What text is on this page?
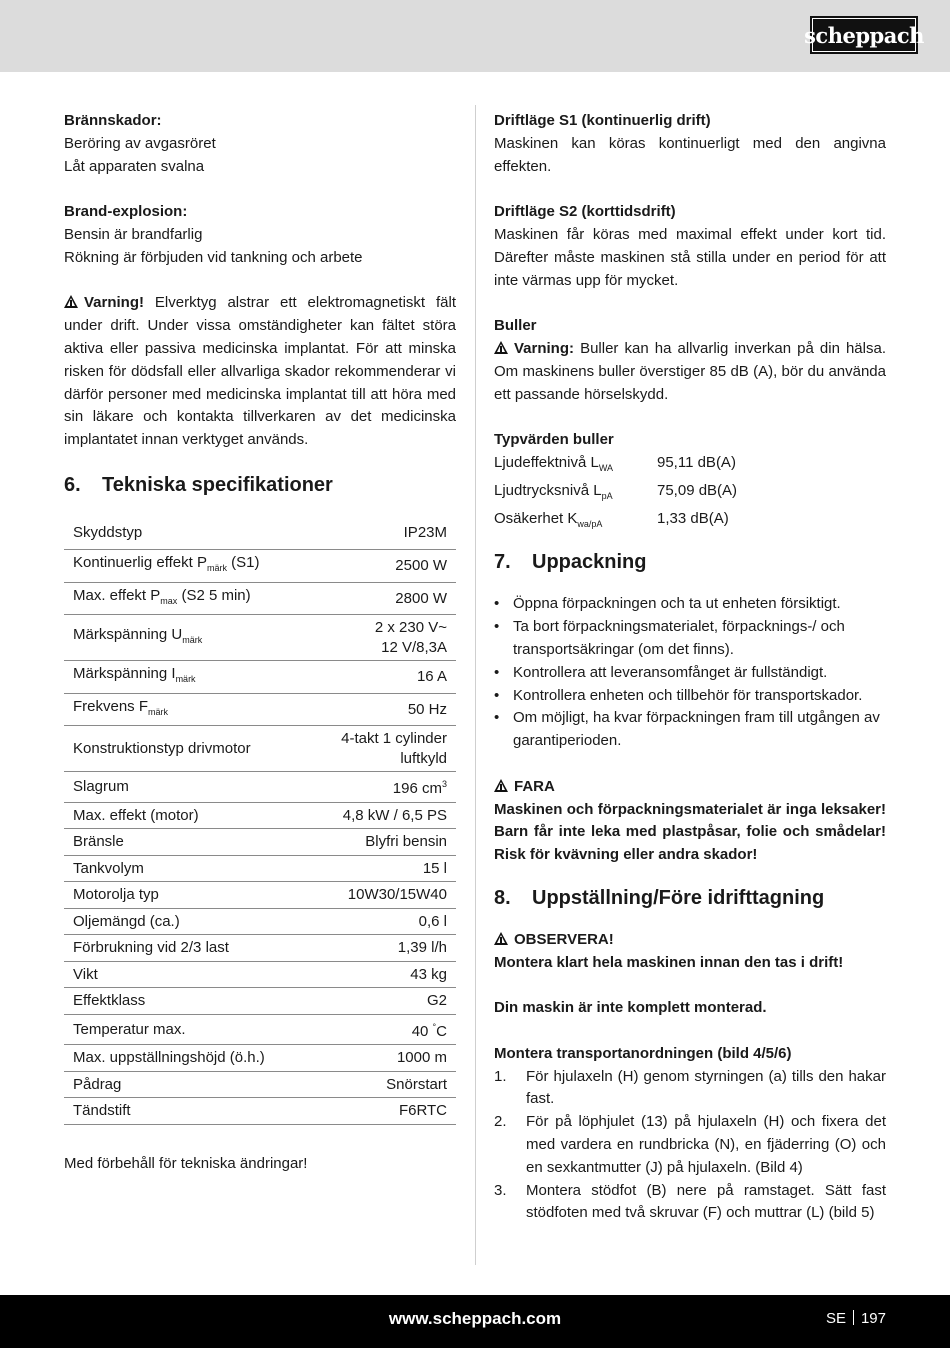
scheppach

Brännskador:

Beröring av avgasröret

Låt apparaten svalna

Brand-explosion:

Bensin är brandfarlig

Rökning är förbjuden vid tankning och arbete

Varning! Elverktyg alstrar ett elektromagnetiskt fält under drift. Under vissa omständigheter kan fältet störa aktiva eller passiva medicinska implantat. För att minska risken för dödsfall eller allvarliga skador rekommenderar vi därför personer med medicinska implantat till att höra med sin läkare och kontakta tillverkaren av det medicinska implantatet innan verktyget används.

6. Tekniska specifikationer
Skyddstyp	IP23M
Kontinuerlig effekt $P_{märk}$ (S1)	2500 W
Max. effekt $P_{max}$ (S2 5 min)	2800 W
Märkspänning $U_{märk}$	2 x 230 V~
12 V/8,3A
Märkspänning $I_{märk}$	16 A
Frekvens $F_{märk}$	50 Hz
Konstruktionstyp drivmotor	4-takt 1 cylinder
luftkyld
Slagrum	196 $cm^3$
Max. effekt (motor)	4,8 kW / 6,5 PS
Bränsle	Blyfri bensin
Tankvolym	15 l
Motorolja typ	10W30/15W40
Oljemängd (ca.)	0,6 l
Förbrukning vid 2/3 last	1,39 l/h
Vikt	43 kg
Effektklass	G2
Temperatur max.	40 °C
Max. uppställningshöjd (ö.h.)	1000 m
Pådrag	Snörstart
Tändstift	F6RTC

Med förbehåll för tekniska ändringar!

Driftläge S1 (kontinuerlig drift)

Maskinen kan köras kontinuerligt med den angivna effekten.

Driftläge S2 (korttidsdrift)

Maskinen får köras med maximal effekt under kort tid. Därefter måste maskinen stå stilla under en period för att inte värmas upp för mycket.

Buller

Varning: Buller kan ha allvarlig inverkan på din hälsa. Om maskinens buller överstiger 85 dB (A), bör du använda ett passande hörselskydd.

Typvärden buller

Ljudeffektnivå $L_{WA}$	95,11 dB(A)
Ljudtrycksnivå $L_{pA}$	75,09 dB(A)
Osäkerhet $K_{wa/pA}$	1,33 dB(A)
7. Uppackning
• Öppna förpackningen och ta ut enheten försiktigt.
• Ta bort förpackningsmaterialet, förpacknings-/ och transportsäkringar (om det finns).
• Kontrollera att leveransomfånget är fullständigt.
• Kontrollera enheten och tillbehör för transportskador.
• Om möjligt, ha kvar förpackningen fram till utgången av garantiperioden.

FARA

Maskinen och förpackningsmaterialet är inga leksaker! Barn får inte leka med plastpåsar, folie och smådelar! Risk för kvävning eller andra skador!

8. Uppställning/Före idrifttagning

OBSERVERA!

Montera klart hela maskinen innan den tas i drift!

Din maskin är inte komplett monterad.

Montera transportanordningen (bild 4/5/6)

1. För hjulaxeln (H) genom styrningen (a) tills den hakar fast.
2. För på löphjulet (13) på hjulaxeln (H) och fixera det med vardera en rundbricka (N), en fjäderring (O) och en sexkantmutter (J) på hjulaxeln. (Bild 4)
3. Montera stödfot (B) nere på ramstaget. Sätt fast stödfoten med två skruvar (F) och muttrar (L) (bild 5)
www.scheppach.com	SE 197
